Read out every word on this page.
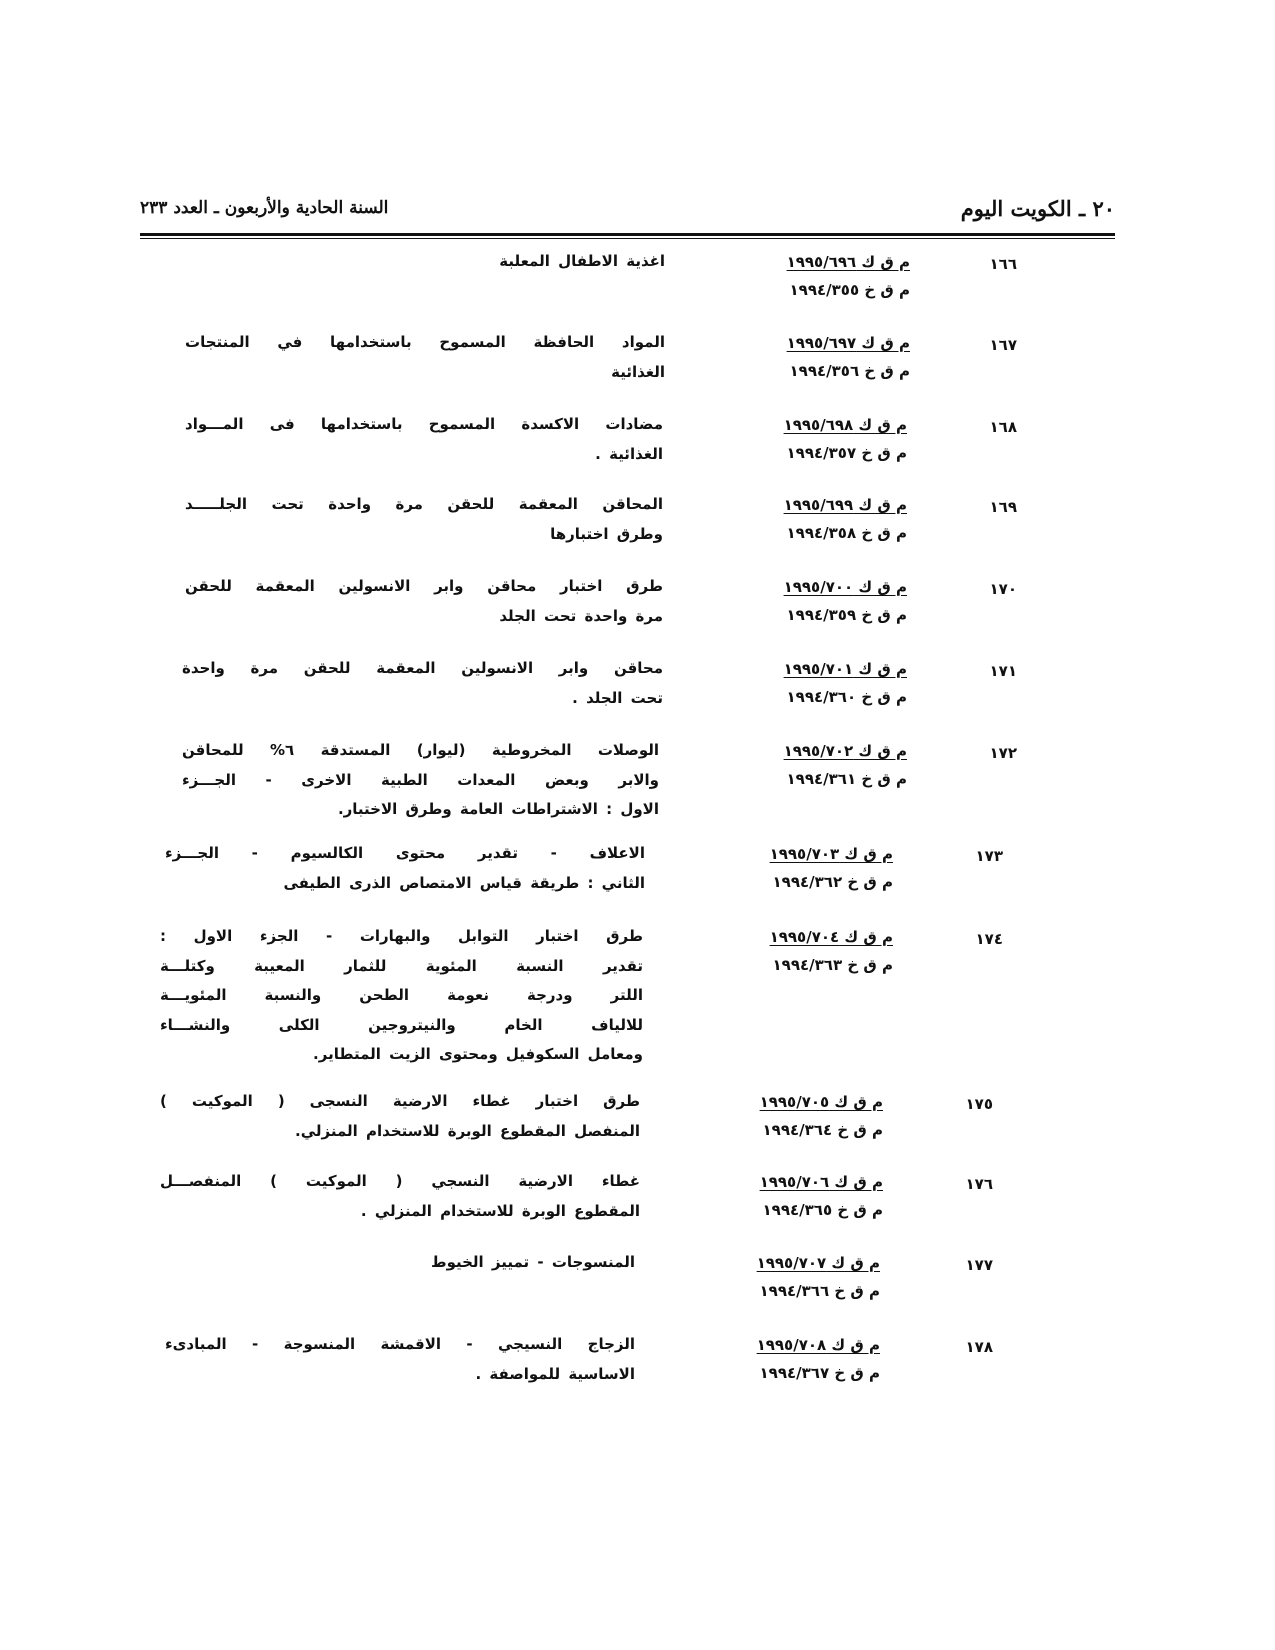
٢٠ ـ الكويت اليوم
السنة الحادية والأربعون ـ العدد ٢٣٣
١٦٦
م ق ك ١٩٩٥/٦٩٦
م ق خ ١٩٩٤/٣٥٥
اغذية الاطفال المعلبة
١٦٧
م ق ك ١٩٩٥/٦٩٧
م ق خ ١٩٩٤/٣٥٦
المواد الحافظة المسموح باستخدامها في المنتجات
الغذائية
١٦٨
م ق ك ١٩٩٥/٦٩٨
م ق خ ١٩٩٤/٣٥٧
مضادات الاكسدة المسموح باستخدامها فى المـــواد
الغذائية .
١٦٩
م ق ك ١٩٩٥/٦٩٩
م ق خ ١٩٩٤/٣٥٨
المحاقن المعقمة للحقن مرة واحدة تحت الجلـــــد
وطرق اختبارها
١٧٠
م ق ك ١٩٩٥/٧٠٠
م ق خ ١٩٩٤/٣٥٩
طرق اختبار محاقن وابر الانسولين المعقمة للحقن
مرة واحدة تحت الجلد
١٧١
م ق ك ١٩٩٥/٧٠١
م ق خ ١٩٩٤/٣٦٠
محاقن وابر الانسولين المعقمة للحقن مرة واحدة
تحت الجلد .
١٧٢
م ق ك ١٩٩٥/٧٠٢
م ق خ ١٩٩٤/٣٦١
الوصلات المخروطية (ليوار) المستدقة ٦% للمحاقن
والابر وبعض المعدات الطبية الاخرى - الجـــزء
الاول : الاشتراطات العامة وطرق الاختبار.
١٧٣
م ق ك ١٩٩٥/٧٠٣
م ق خ ١٩٩٤/٣٦٢
الاعلاف - تقدير محتوى الكالسيوم - الجـــزء
الثاني : طريقة قياس الامتصاص الذرى الطيفى
١٧٤
م ق ك ١٩٩٥/٧٠٤
م ق خ ١٩٩٤/٣٦٣
طرق اختبار التوابل والبهارات - الجزء الاول :
تقدير النسبة المئوية للثمار المعيبة وكتلـــة
اللتر ودرجة نعومة الطحن والنسبة المئويـــة
للالياف الخام والنيتروجين الكلى والنشـــاء
ومعامل السكوفيل ومحتوى الزيت المتطاير.
١٧٥
م ق ك ١٩٩٥/٧٠٥
م ق خ ١٩٩٤/٣٦٤
طرق اختبار غطاء الارضية النسجى ( الموكيت )
المنفصل المقطوع الوبرة للاستخدام المنزلي.
١٧٦
م ق ك ١٩٩٥/٧٠٦
م ق خ ١٩٩٤/٣٦٥
غطاء الارضية النسجي ( الموكيت ) المنفصـــل
المقطوع الوبرة للاستخدام المنزلي .
١٧٧
م ق ك ١٩٩٥/٧٠٧
م ق خ ١٩٩٤/٣٦٦
المنسوجات - تمييز الخيوط
١٧٨
م ق ك ١٩٩٥/٧٠٨
م ق خ ١٩٩٤/٣٦٧
الزجاج النسيجي - الاقمشة المنسوجة - المبادىء
الاساسية للمواصفة .
